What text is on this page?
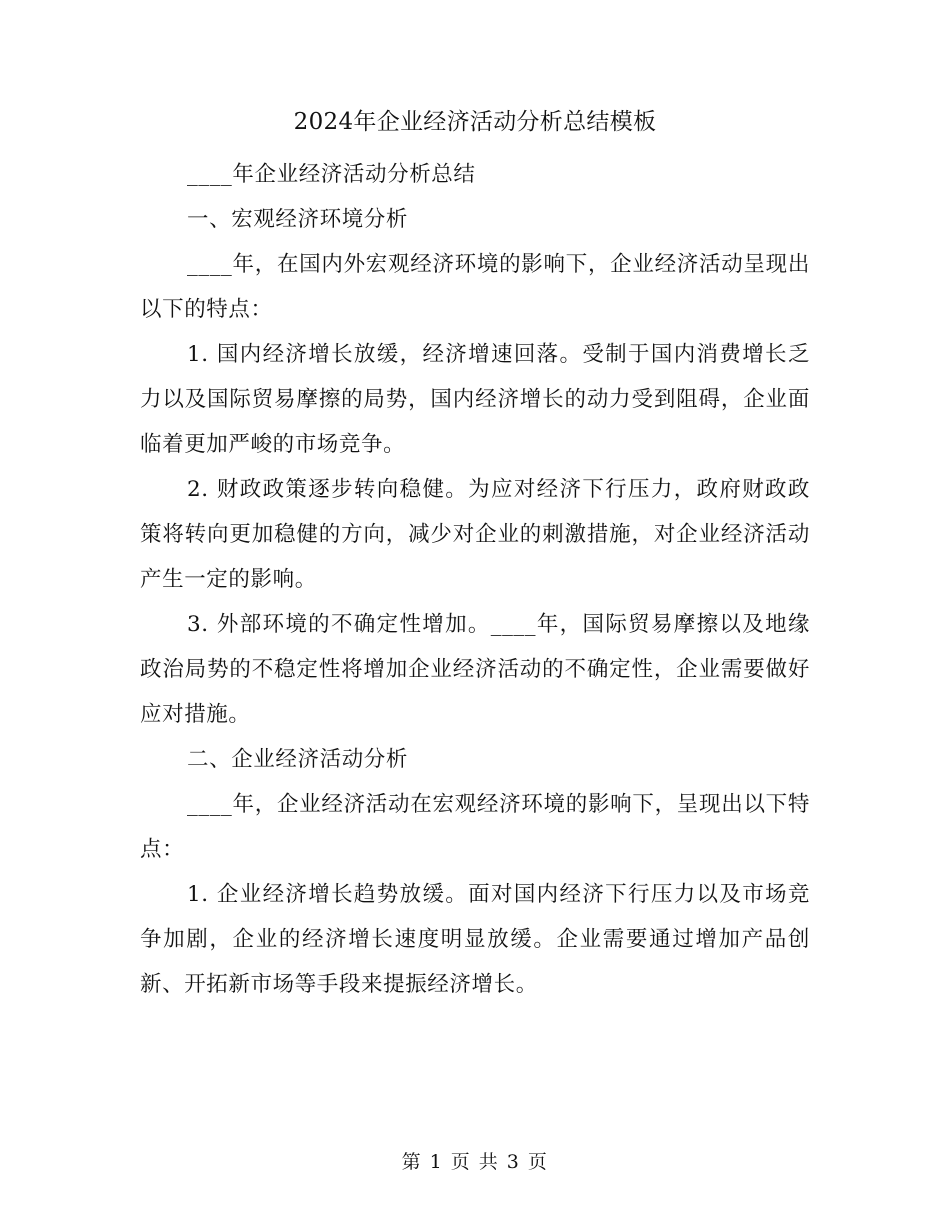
2024年企业经济活动分析总结模板

____年企业经济活动分析总结

一、宏观经济环境分析

____年，在国内外宏观经济环境的影响下，企业经济活动呈现出以下的特点：

1. 国内经济增长放缓，经济增速回落。受制于国内消费增长乏力以及国际贸易摩擦的局势，国内经济增长的动力受到阻碍，企业面临着更加严峻的市场竞争。

2. 财政政策逐步转向稳健。为应对经济下行压力，政府财政政策将转向更加稳健的方向，减少对企业的刺激措施，对企业经济活动产生一定的影响。

3. 外部环境的不确定性增加。____年，国际贸易摩擦以及地缘政治局势的不稳定性将增加企业经济活动的不确定性，企业需要做好应对措施。

二、企业经济活动分析

____年，企业经济活动在宏观经济环境的影响下，呈现出以下特点：

1. 企业经济增长趋势放缓。面对国内经济下行压力以及市场竞争加剧，企业的经济增长速度明显放缓。企业需要通过增加产品创新、开拓新市场等手段来提振经济增长。

第 1 页 共 3 页
